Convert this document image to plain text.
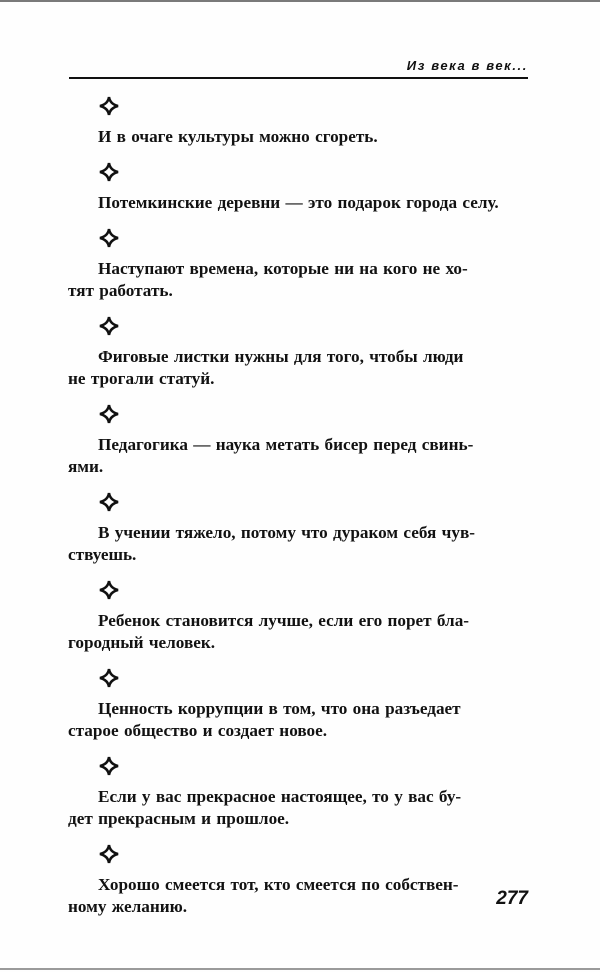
Из века в век...

И в очаге культуры можно сгореть.

Потемкинские деревни — это подарок города селу.

Наступают времена, которые ни на кого не хо-
тят работать.

Фиговые листки нужны для того, чтобы люди
не трогали статуй.

Педагогика — наука метать бисер перед свинь-
ями.

В учении тяжело, потому что дураком себя чув-
ствуешь.

Ребенок становится лучше, если его порет бла-
городный человек.

Ценность коррупции в том, что она разъедает
старое общество и создает новое.

Если у вас прекрасное настоящее, то у вас бу-
дет прекрасным и прошлое.

Хорошо смеется тот, кто смеется по собствен-
ному желанию.	277
